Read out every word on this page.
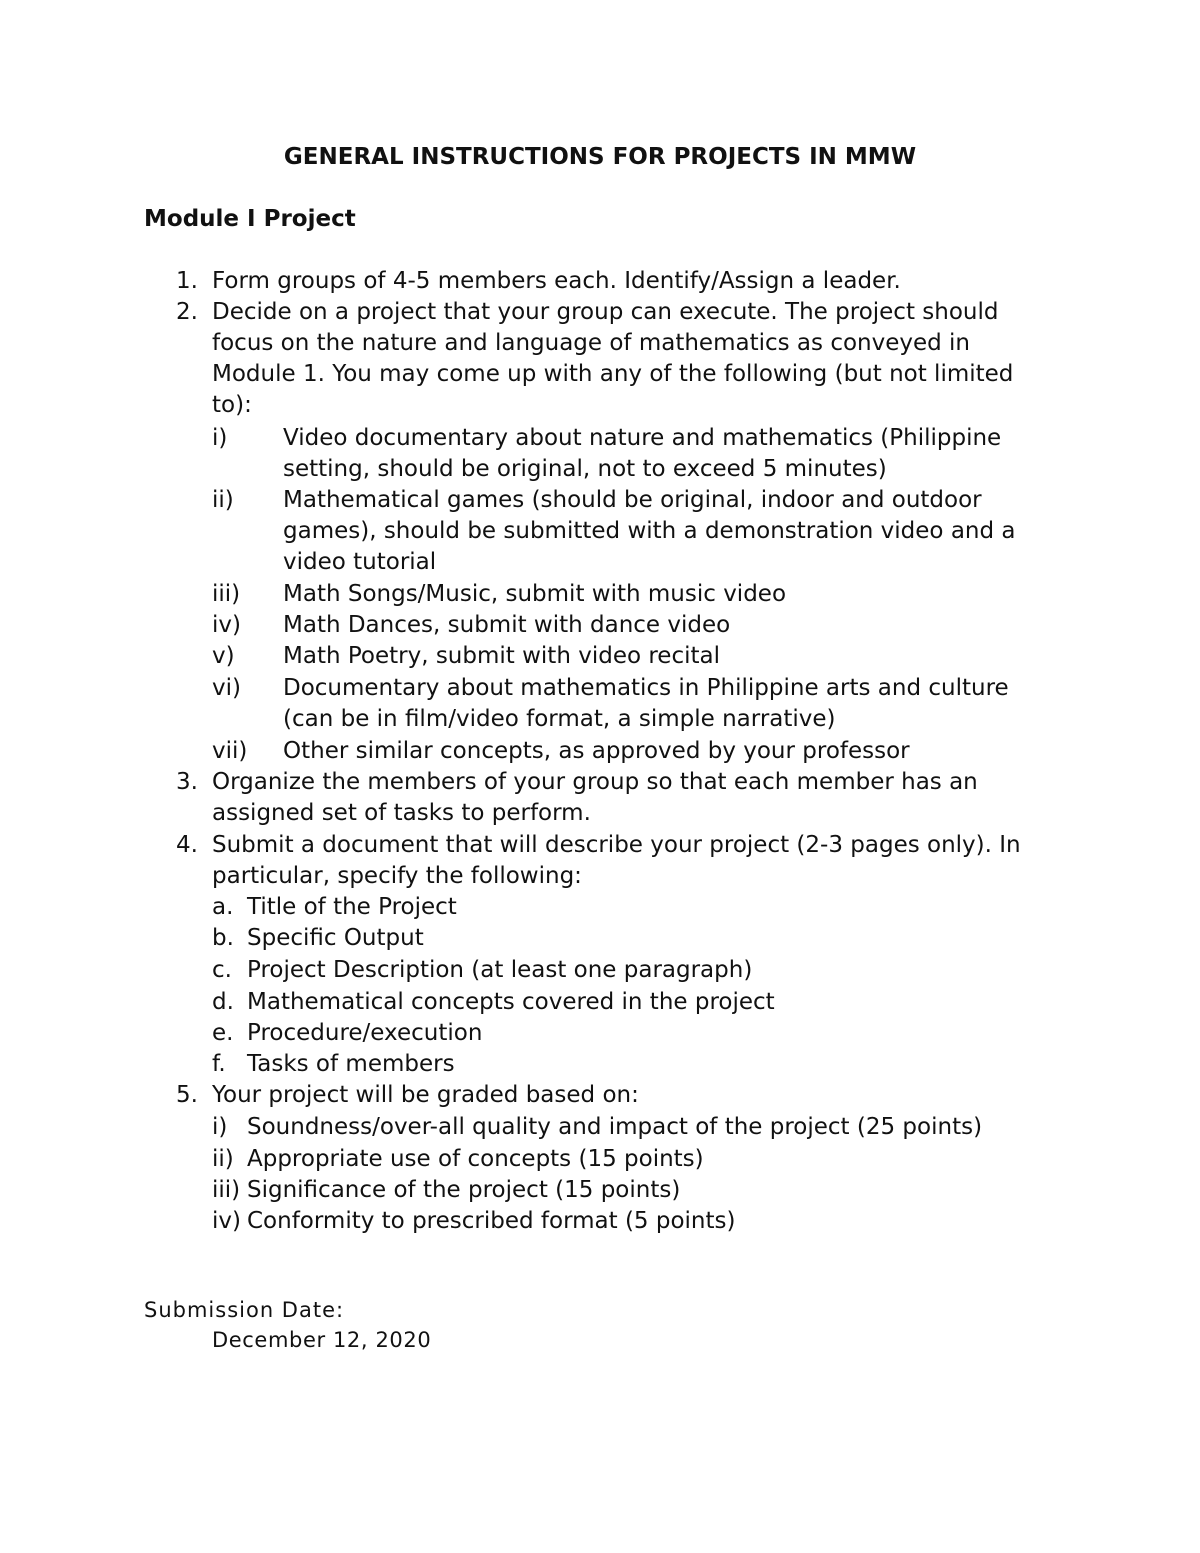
GENERAL INSTRUCTIONS FOR PROJECTS IN MMW
Module I Project
1. Form groups of 4-5 members each. Identify/Assign a leader.
2. Decide on a project that your group can execute. The project should
focus on the nature and language of mathematics as conveyed in
Module 1. You may come up with any of the following (but not limited
to):
i) Video documentary about nature and mathematics (Philippine
setting, should be original, not to exceed 5 minutes)
ii) Mathematical games (should be original, indoor and outdoor
games), should be submitted with a demonstration video and a
video tutorial
iii) Math Songs/Music, submit with music video
iv) Math Dances, submit with dance video
v) Math Poetry, submit with video recital
vi) Documentary about mathematics in Philippine arts and culture
(can be in film/video format, a simple narrative)
vii) Other similar concepts, as approved by your professor
3. Organize the members of your group so that each member has an
assigned set of tasks to perform.
4. Submit a document that will describe your project (2-3 pages only). In
particular, specify the following:
a. Title of the Project
b. Specific Output
c. Project Description (at least one paragraph)
d. Mathematical concepts covered in the project
e. Procedure/execution
f. Tasks of members
5. Your project will be graded based on:
i) Soundness/over-all quality and impact of the project (25 points)
ii) Appropriate use of concepts (15 points)
iii) Significance of the project (15 points)
iv) Conformity to prescribed format (5 points)
Submission Date:
December 12, 2020
